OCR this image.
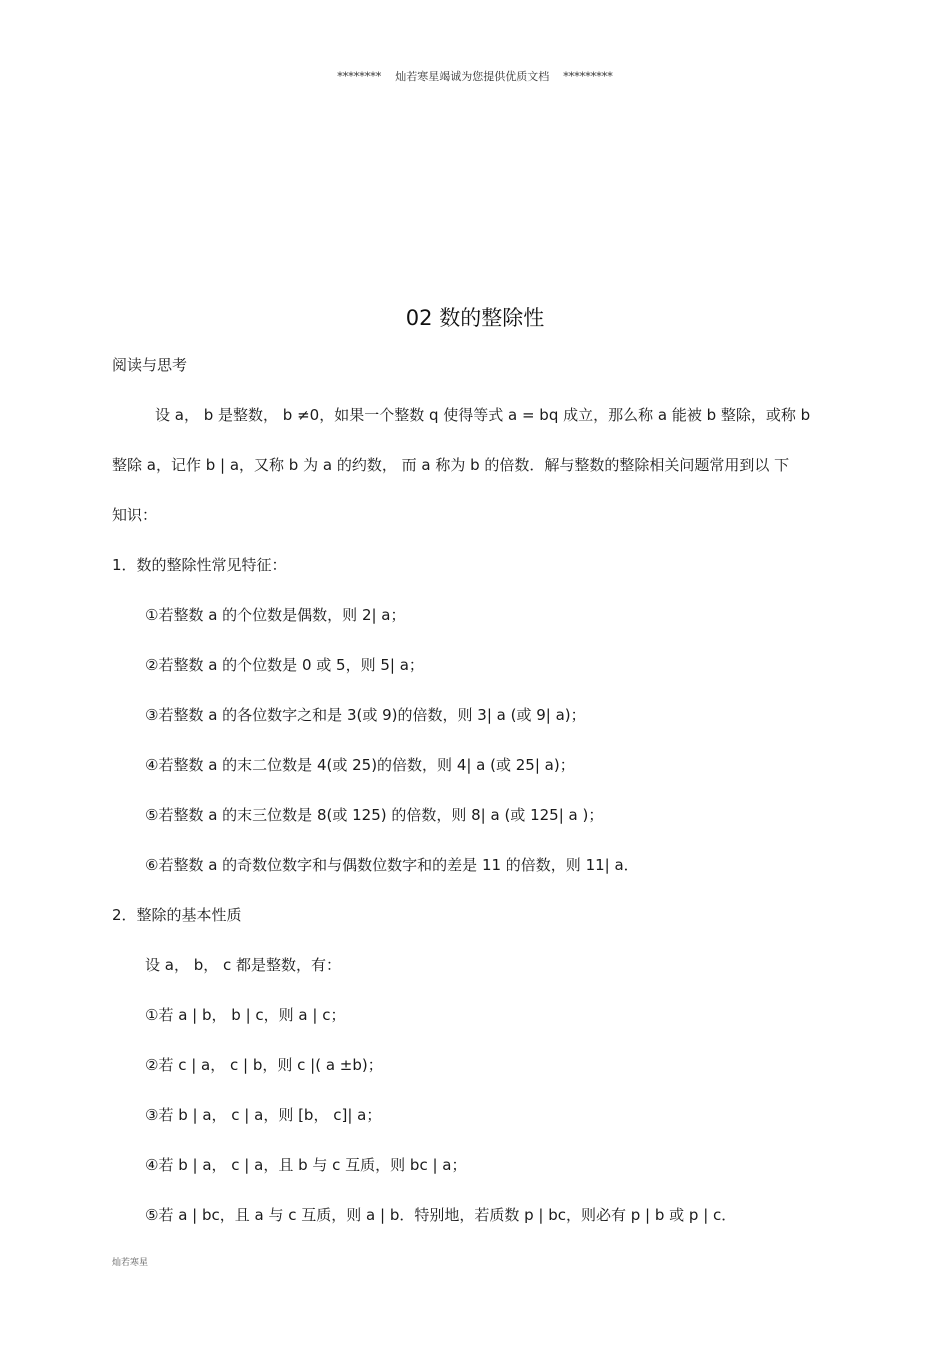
********    灿若寒星竭诚为您提供优质文档    *********
02 数的整除性
阅读与思考
设 a， b 是整数， b ≠0，如果一个整数 q 使得等式 a = bq 成立，那么称 a 能被 b 整除，或称 b
整除 a，记作 b | a，又称 b 为 a 的约数， 而 a 称为 b 的倍数．解与整数的整除相关问题常用到以 下
知识：
1．数的整除性常见特征：
①若整数 a 的个位数是偶数，则 2| a；
②若整数 a 的个位数是 0 或 5，则 5| a；
③若整数 a 的各位数字之和是 3(或 9)的倍数，则 3| a (或 9| a)；
④若整数 a 的末二位数是 4(或 25)的倍数，则 4| a (或 25| a)；
⑤若整数 a 的末三位数是 8(或 125) 的倍数，则 8| a (或 125| a )；
⑥若整数 a 的奇数位数字和与偶数位数字和的差是 11 的倍数，则 11| a．
2．整除的基本性质
设 a， b， c 都是整数，有：
①若 a | b， b | c，则 a | c；
②若 c | a， c | b，则 c |( a ±b)；
③若 b | a， c | a，则 [b， c]| a；
④若 b | a， c | a，且 b 与 c 互质，则 bc | a；
⑤若 a | bc，且 a 与 c 互质，则 a | b．特别地，若质数 p | bc，则必有 p | b 或 p | c．
灿若寒星
